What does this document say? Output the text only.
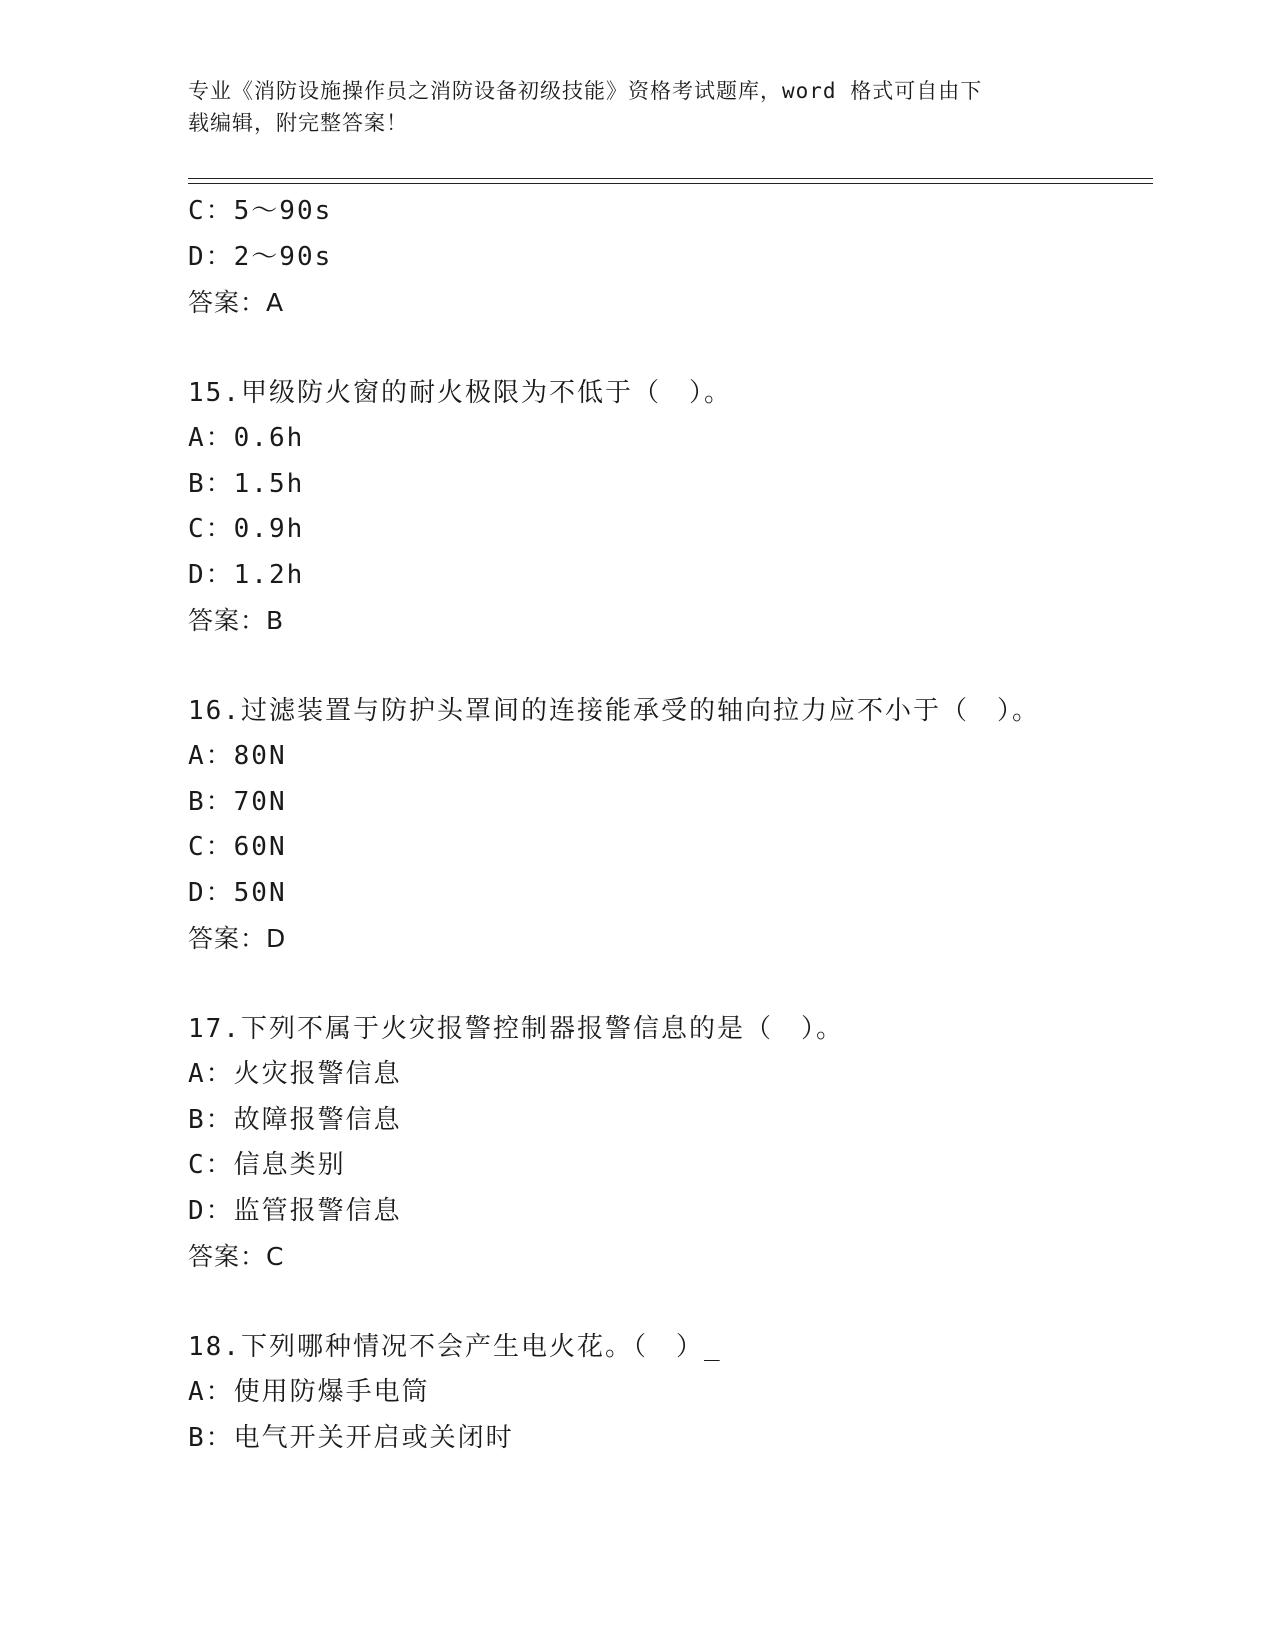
专业《消防设施操作员之消防设备初级技能》资格考试题库，word 格式可自由下
载编辑，附完整答案！
C：5～90s
D：2～90s
答案：A
15.甲级防火窗的耐火极限为不低于（　）。
A：0.6h
B：1.5h
C：0.9h
D：1.2h
答案：B
16.过滤装置与防护头罩间的连接能承受的轴向拉力应不小于（　）。
A：80N
B：70N
C：60N
D：50N
答案：D
17.下列不属于火灾报警控制器报警信息的是（　）。
A：火灾报警信息
B：故障报警信息
C：信息类别
D：监管报警信息
答案：C
18.下列哪种情况不会产生电火花。（　）_
A：使用防爆手电筒
B：电气开关开启或关闭时
